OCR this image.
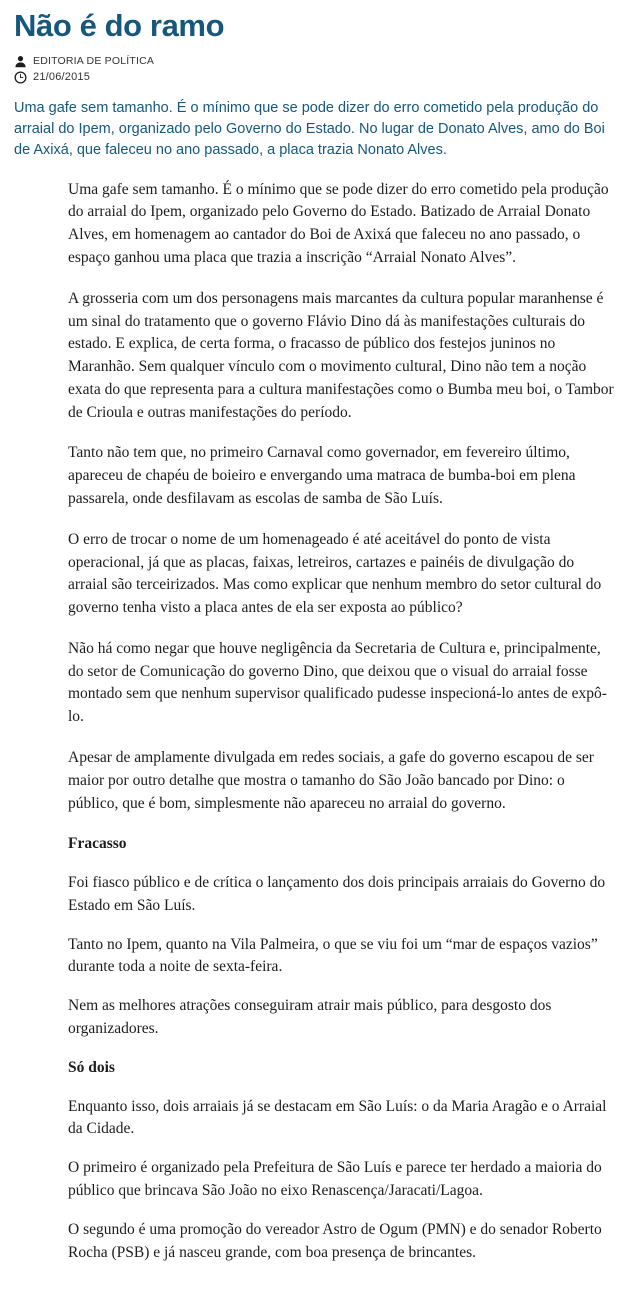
Não é do ramo
EDITORIA DE POLÍTICA
21/06/2015
Uma gafe sem tamanho. É o mínimo que se pode dizer do erro cometido pela produção do arraial do Ipem, organizado pelo Governo do Estado. No lugar de Donato Alves, amo do Boi de Axixá, que faleceu no ano passado, a placa trazia Nonato Alves.

Uma gafe sem tamanho. É o mínimo que se pode dizer do erro cometido pela produção do arraial do Ipem, organizado pelo Governo do Estado. Batizado de Arraial Donato Alves, em homenagem ao cantador do Boi de Axixá que faleceu no ano passado, o espaço ganhou uma placa que trazia a inscrição “Arraial Nonato Alves”.

A grosseria com um dos personagens mais marcantes da cultura popular maranhense é um sinal do tratamento que o governo Flávio Dino dá às manifestações culturais do estado. E explica, de certa forma, o fracasso de público dos festejos juninos no Maranhão. Sem qualquer vínculo com o movimento cultural, Dino não tem a noção exata do que representa para a cultura manifestações como o Bumba meu boi, o Tambor de Crioula e outras manifestações do período.

Tanto não tem que, no primeiro Carnaval como governador, em fevereiro último, apareceu de chapéu de boieiro e envergando uma matraca de bumba-boi em plena passarela, onde desfilavam as escolas de samba de São Luís.

O erro de trocar o nome de um homenageado é até aceitável do ponto de vista operacional, já que as placas, faixas, letreiros, cartazes e painéis de divulgação do arraial são terceirizados. Mas como explicar que nenhum membro do setor cultural do governo tenha visto a placa antes de ela ser exposta ao público?

Não há como negar que houve negligência da Secretaria de Cultura e, principalmente, do setor de Comunicação do governo Dino, que deixou que o visual do arraial fosse montado sem que nenhum supervisor qualificado pudesse inspecioná-lo antes de expô-lo.

Apesar de amplamente divulgada em redes sociais, a gafe do governo escapou de ser maior por outro detalhe que mostra o tamanho do São João bancado por Dino: o público, que é bom, simplesmente não apareceu no arraial do governo.

Fracasso

Foi fiasco público e de crítica o lançamento dos dois principais arraiais do Governo do Estado em São Luís.

Tanto no Ipem, quanto na Vila Palmeira, o que se viu foi um “mar de espaços vazios” durante toda a noite de sexta-feira.

Nem as melhores atrações conseguiram atrair mais público, para desgosto dos organizadores.

Só dois

Enquanto isso, dois arraiais já se destacam em São Luís: o da Maria Aragão e o Arraial da Cidade.

O primeiro é organizado pela Prefeitura de São Luís e parece ter herdado a maioria do público que brincava São João no eixo Renascença/Jaracati/Lagoa.

O segundo é uma promoção do vereador Astro de Ogum (PMN) e do senador Roberto Rocha (PSB) e já nasceu grande, com boa presença de brincantes.
